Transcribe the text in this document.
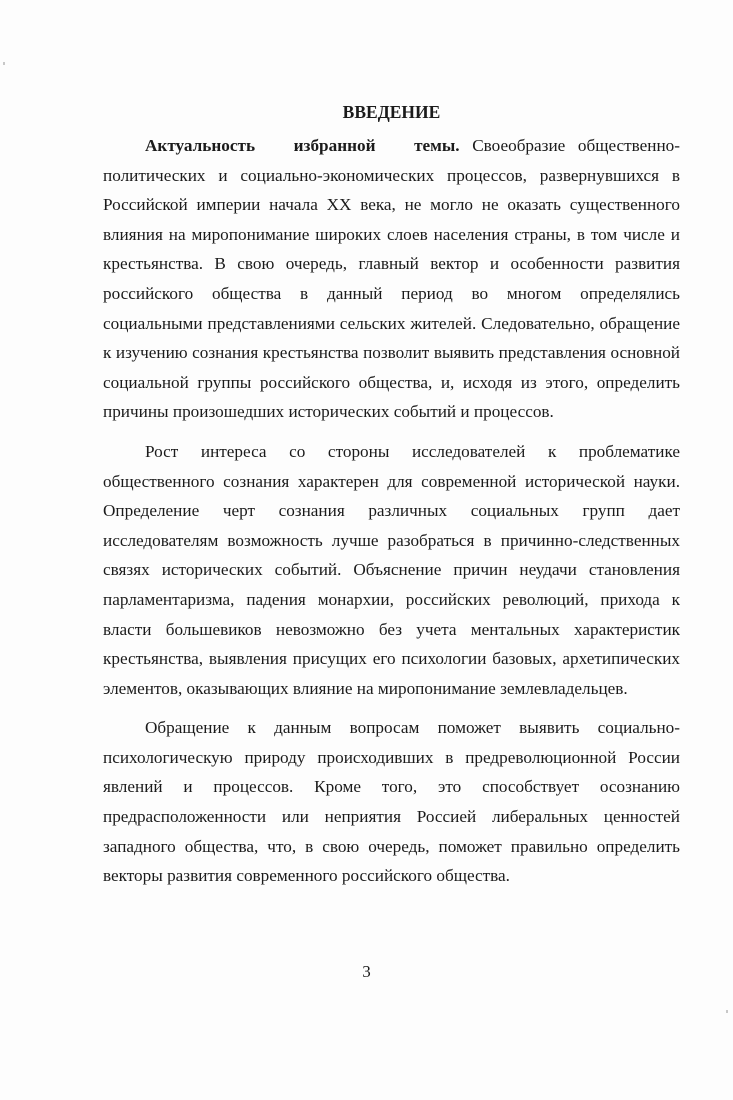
ВВЕДЕНИЕ

Актуальность избранной темы. Своеобразие общественно-политических и социально-экономических процессов, развернувшихся в Российской империи начала XX века, не могло не оказать существенного влияния на миропонимание широких слоев населения страны, в том числе и крестьянства. В свою очередь, главный вектор и особенности развития российского общества в данный период во многом определялись социальными представлениями сельских жителей. Следовательно, обращение к изучению сознания крестьянства позволит выявить представления основной социальной группы российского общества, и, исходя из этого, определить причины произошедших исторических событий и процессов.

Рост интереса со стороны исследователей к проблематике общественного сознания характерен для современной исторической науки. Определение черт сознания различных социальных групп дает исследователям возможность лучше разобраться в причинно-следственных связях исторических событий. Объяснение причин неудачи становления парламентаризма, падения монархии, российских революций, прихода к власти большевиков невозможно без учета ментальных характеристик крестьянства, выявления присущих его психологии базовых, архетипических элементов, оказывающих влияние на миропонимание землевладельцев.

Обращение к данным вопросам поможет выявить социально-психологическую природу происходивших в предреволюционной России явлений и процессов. Кроме того, это способствует осознанию предрасположенности или неприятия Россией либеральных ценностей западного общества, что, в свою очередь, поможет правильно определить векторы развития современного российского общества.

3
